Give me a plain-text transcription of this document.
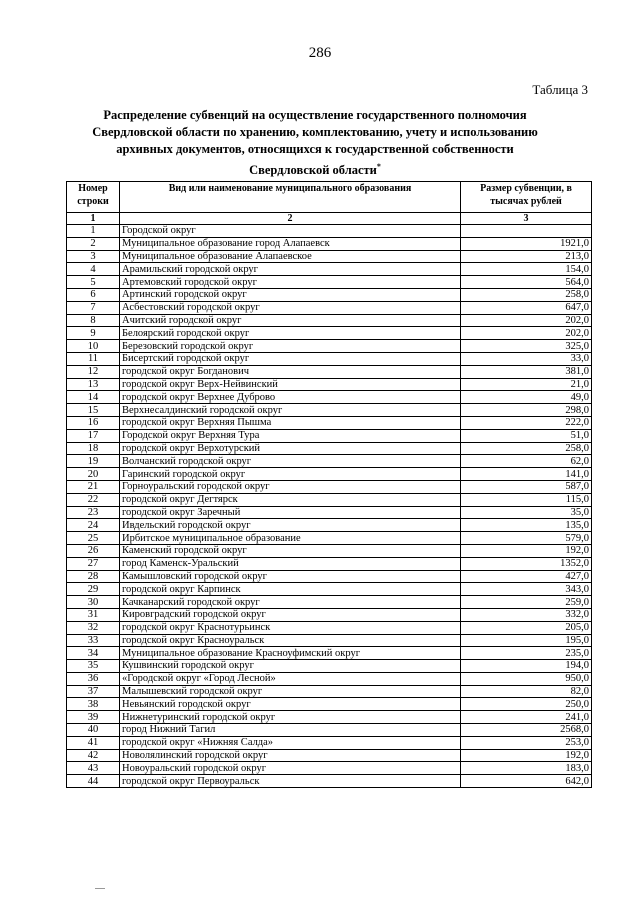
286
Таблица 3
Распределение субвенций на осуществление государственного полномочия
Свердловской области по хранению, комплектованию, учету и использованию
архивных документов, относящихся к государственной собственности
Свердловской области*
Номер строки	Вид или наименование муниципального образования	Размер субвенции, в тысячах рублей
1	2	3
1	Городской округ	
2	Муниципальное образование город Алапаевск	1921,0
3	Муниципальное образование Алапаевское	213,0
4	Арамильский городской округ	154,0
5	Артемовский городской округ	564,0
6	Артинский городской округ	258,0
7	Асбестовский городской округ	647,0
8	Ачитский городской округ	202,0
9	Белоярский городской округ	202,0
10	Березовский городской округ	325,0
11	Бисертский городской округ	33,0
12	городской округ Богданович	381,0
13	городской округ Верх-Нейвинский	21,0
14	городской округ Верхнее Дуброво	49,0
15	Верхнесалдинский городской округ	298,0
16	городской округ Верхняя Пышма	222,0
17	Городской округ Верхняя Тура	51,0
18	городской округ Верхотурский	258,0
19	Волчанский городской округ	62,0
20	Гаринский городской округ	141,0
21	Горноуральский городской округ	587,0
22	городской округ Дегтярск	115,0
23	городской округ Заречный	35,0
24	Ивдельский городской округ	135,0
25	Ирбитское муниципальное образование	579,0
26	Каменский городской округ	192,0
27	город Каменск-Уральский	1352,0
28	Камышловский городской округ	427,0
29	городской округ Карпинск	343,0
30	Качканарский городской округ	259,0
31	Кировградский городской округ	332,0
32	городской округ Краснотурьинск	205,0
33	городской округ Красноуральск	195,0
34	Муниципальное образование Красноуфимский округ	235,0
35	Кушвинский городской округ	194,0
36	«Городской округ «Город Лесной»	950,0
37	Малышевский городской округ	82,0
38	Невьянский городской округ	250,0
39	Нижнетуринский городской округ	241,0
40	город Нижний Тагил	2568,0
41	городской округ «Нижняя Салда»	253,0
42	Новолялинский городской округ	192,0
43	Новоуральский городской округ	183,0
44	городской округ Первоуральск	642,0
